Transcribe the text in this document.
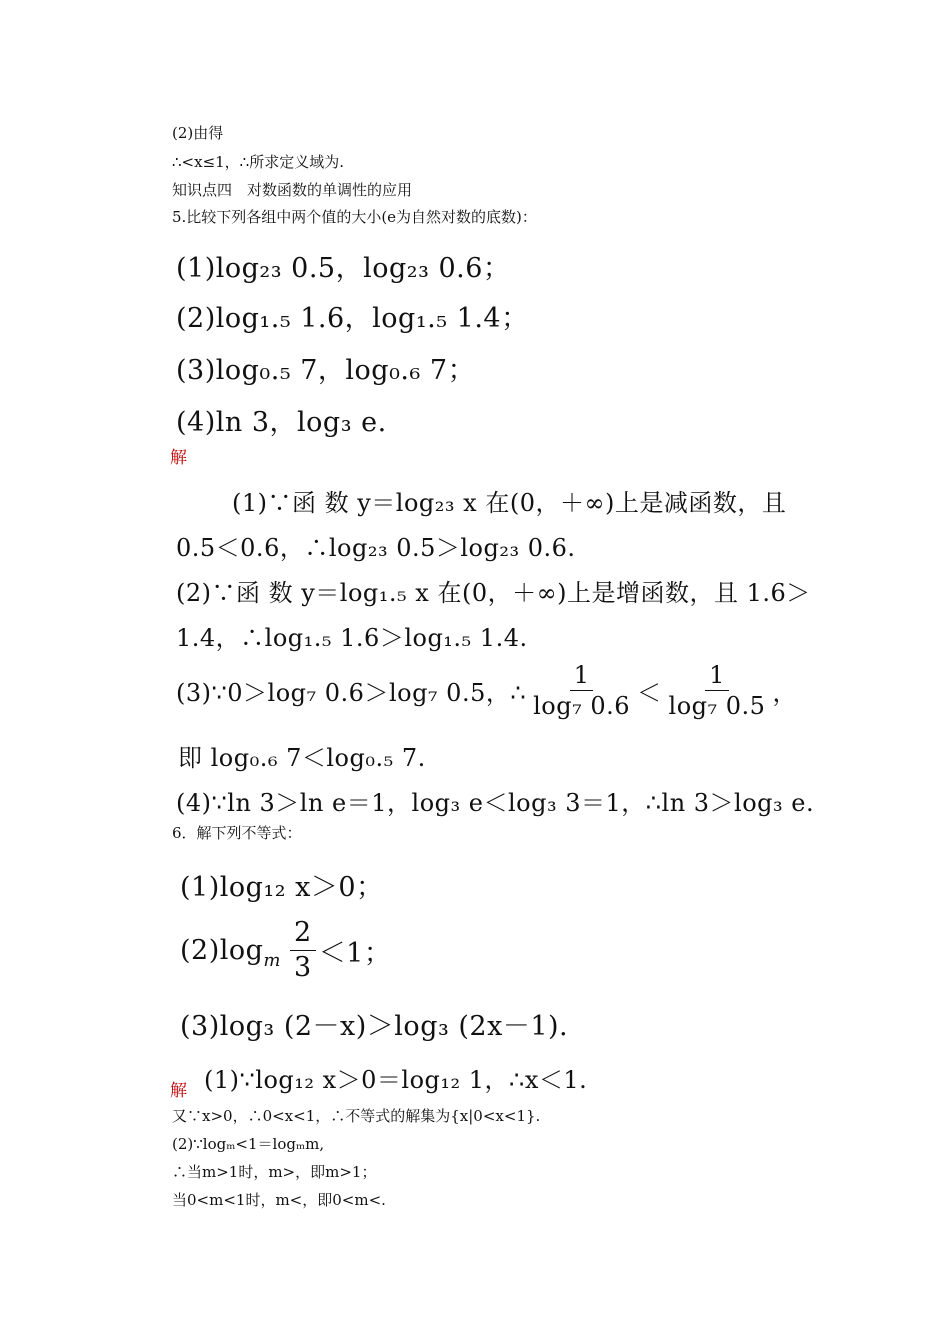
(2)由得
∴<x≤1，∴所求定义域为.
知识点四　对数函数的单调性的应用
5.比较下列各组中两个值的大小(e为自然对数的底数)：
(1)log₂₃ 0.5，log₂₃ 0.6；
(2)log₁.₅ 1.6，log₁.₅ 1.4；
(3)log₀.₅ 7，log₀.₆ 7；
(4)ln 3，log₃ e.
解
(1)∵函 数 y＝log₂₃ x 在(0，＋∞)上是减函数，且
0.5＜0.6，∴log₂₃ 0.5＞log₂₃ 0.6.
(2)∵函 数 y＝log₁.₅ x 在(0，＋∞)上是增函数，且 1.6＞
1.4，∴log₁.₅ 1.6＞log₁.₅ 1.4.
(3)∵0＞log₇ 0.6＞log₇ 0.5，∴ $\frac{1}{\text{log₇ 0.6}} < \frac{1}{\text{log₇ 0.5}}$ ，
即 log₀.₆ 7＜log₀.₅ 7.
(4)∵ln 3＞ln e＝1，log₃ e＜log₃ 3＝1，∴ln 3＞log₃ e.
6．解下列不等式：
(1)log₁₂ x＞0；
(2)log m $\frac{2}{3} <1$；
(3)log₃ (2－x)＞log₃ (2x－1).
解 (1)∵log₁₂ x＞0＝log₁₂ 1，∴x＜1.
又∵x>0，∴0<x<1，∴不等式的解集为{x|0<x<1}.
(2)∵logₘ<1＝logₘm,
∴当m>1时，m>，即m>1；
当0<m<1时，m<，即0<m<.
